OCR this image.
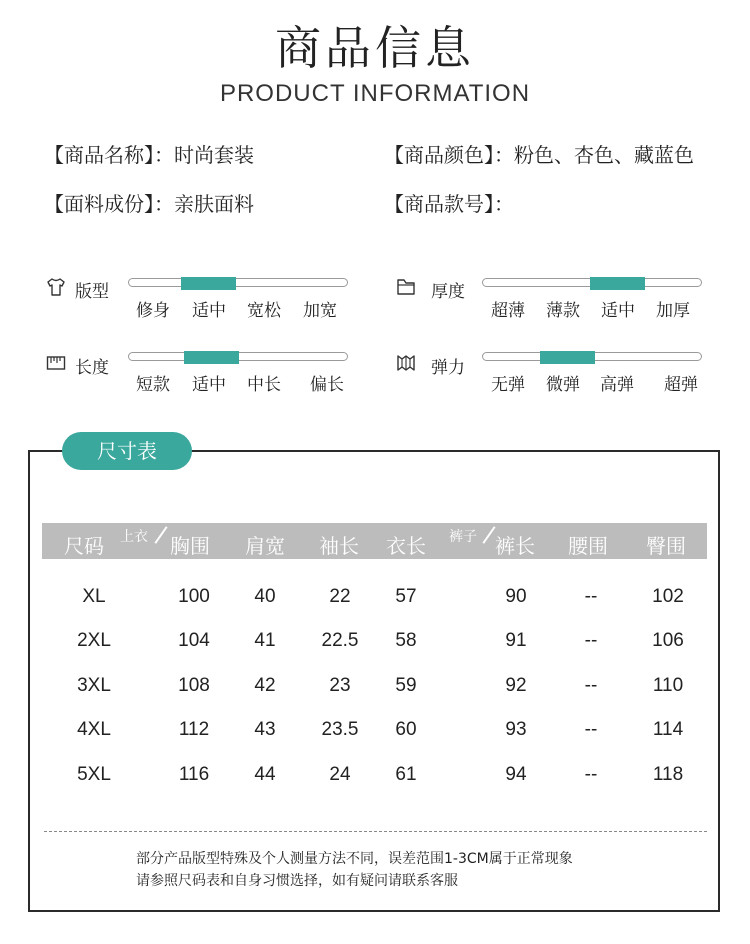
商品信息
PRODUCT INFORMATION
【商品名称】：时尚套装	【商品颜色】：粉色、杏色、藏蓝色
【面料成份】：亲肤面料	【商品款号】：
版型
修身 适中 宽松 加宽
厚度
超薄 薄款 适中 加厚
长度
短款 适中 中长 偏长
弹力
无弹 微弹 高弹 超弹
尺寸表
尺码 上衣 胸围 肩宽 袖长 衣长 裤子 裤长 腰围 臀围
XL	100 40	22 57	90	--	102
2XL	104 41 22.5 58	91	--	106
3XL	108 42	23 59	92	--	110
4XL	112 43 23.5 60	93	--	114
5XL	116 44	24 61	94	--	118
部分产品版型特殊及个人测量方法不同，误差范围1-3CM属于正常现象
请参照尺码表和自身习惯选择，如有疑问请联系客服
